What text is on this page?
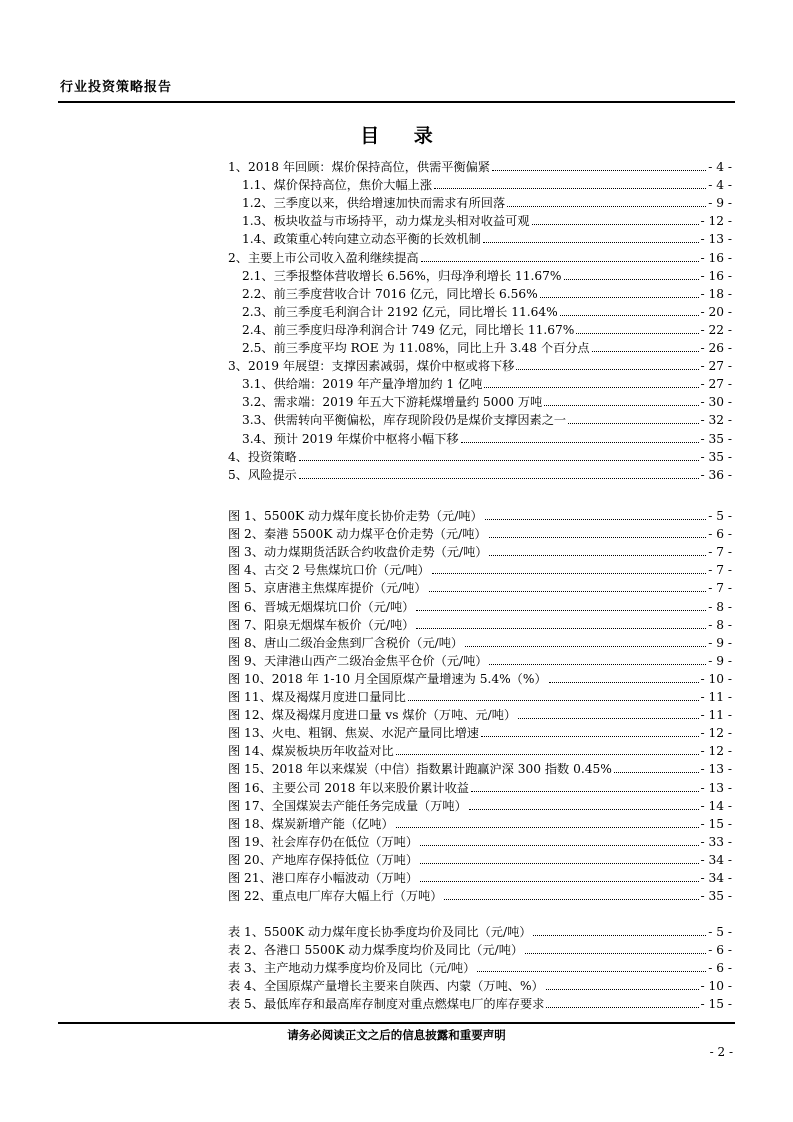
行业投资策略报告
目 录
1、2018 年回顾：煤价保持高位，供需平衡偏紧	- 4 -
1.1、煤价保持高位，焦价大幅上涨	- 4 -
1.2、三季度以来，供给增速加快而需求有所回落	- 9 -
1.3、板块收益与市场持平，动力煤龙头相对收益可观	- 12 -
1.4、政策重心转向建立动态平衡的长效机制	- 13 -
2、主要上市公司收入盈利继续提高	- 16 -
2.1、三季报整体营收增长 6.56%，归母净利增长 11.67%	- 16 -
2.2、前三季度营收合计 7016 亿元，同比增长 6.56%	- 18 -
2.3、前三季度毛利润合计 2192 亿元，同比增长 11.64%	- 20 -
2.4、前三季度归母净利润合计 749 亿元，同比增长 11.67%	- 22 -
2.5、前三季度平均 ROE 为 11.08%，同比上升 3.48 个百分点	- 26 -
3、2019 年展望：支撑因素减弱，煤价中枢或将下移	- 27 -
3.1、供给端：2019 年产量净增加约 1 亿吨	- 27 -
3.2、需求端：2019 年五大下游耗煤增量约 5000 万吨	- 30 -
3.3、供需转向平衡偏松，库存现阶段仍是煤价支撑因素之一	- 32 -
3.4、预计 2019 年煤价中枢将小幅下移	- 35 -
4、投资策略	- 35 -
5、风险提示	- 36 -
图 1、5500K 动力煤年度长协价走势（元/吨）	- 5 -
图 2、秦港 5500K 动力煤平仓价走势（元/吨）	- 6 -
图 3、动力煤期货活跃合约收盘价走势（元/吨）	- 7 -
图 4、古交 2 号焦煤坑口价（元/吨）	- 7 -
图 5、京唐港主焦煤库提价（元/吨）	- 7 -
图 6、晋城无烟煤坑口价（元/吨）	- 8 -
图 7、阳泉无烟煤车板价（元/吨）	- 8 -
图 8、唐山二级冶金焦到厂含税价（元/吨）	- 9 -
图 9、天津港山西产二级冶金焦平仓价（元/吨）	- 9 -
图 10、2018 年 1-10 月全国原煤产量增速为 5.4%（%）	- 10 -
图 11、煤及褐煤月度进口量同比	- 11 -
图 12、煤及褐煤月度进口量 vs 煤价（万吨、元/吨）	- 11 -
图 13、火电、粗钢、焦炭、水泥产量同比增速	- 12 -
图 14、煤炭板块历年收益对比	- 12 -
图 15、2018 年以来煤炭（中信）指数累计跑赢沪深 300 指数 0.45%	- 13 -
图 16、主要公司 2018 年以来股价累计收益	- 13 -
图 17、全国煤炭去产能任务完成量（万吨）	- 14 -
图 18、煤炭新增产能（亿吨）	- 15 -
图 19、社会库存仍在低位（万吨）	- 33 -
图 20、产地库存保持低位（万吨）	- 34 -
图 21、港口库存小幅波动（万吨）	- 34 -
图 22、重点电厂库存大幅上行（万吨）	- 35 -
表 1、5500K 动力煤年度长协季度均价及同比（元/吨）	- 5 -
表 2、各港口 5500K 动力煤季度均价及同比（元/吨）	- 6 -
表 3、主产地动力煤季度均价及同比（元/吨）	- 6 -
表 4、全国原煤产量增长主要来自陕西、内蒙（万吨、%）	- 10 -
表 5、最低库存和最高库存制度对重点燃煤电厂的库存要求	- 15 -
请务必阅读正文之后的信息披露和重要声明
- 2 -
